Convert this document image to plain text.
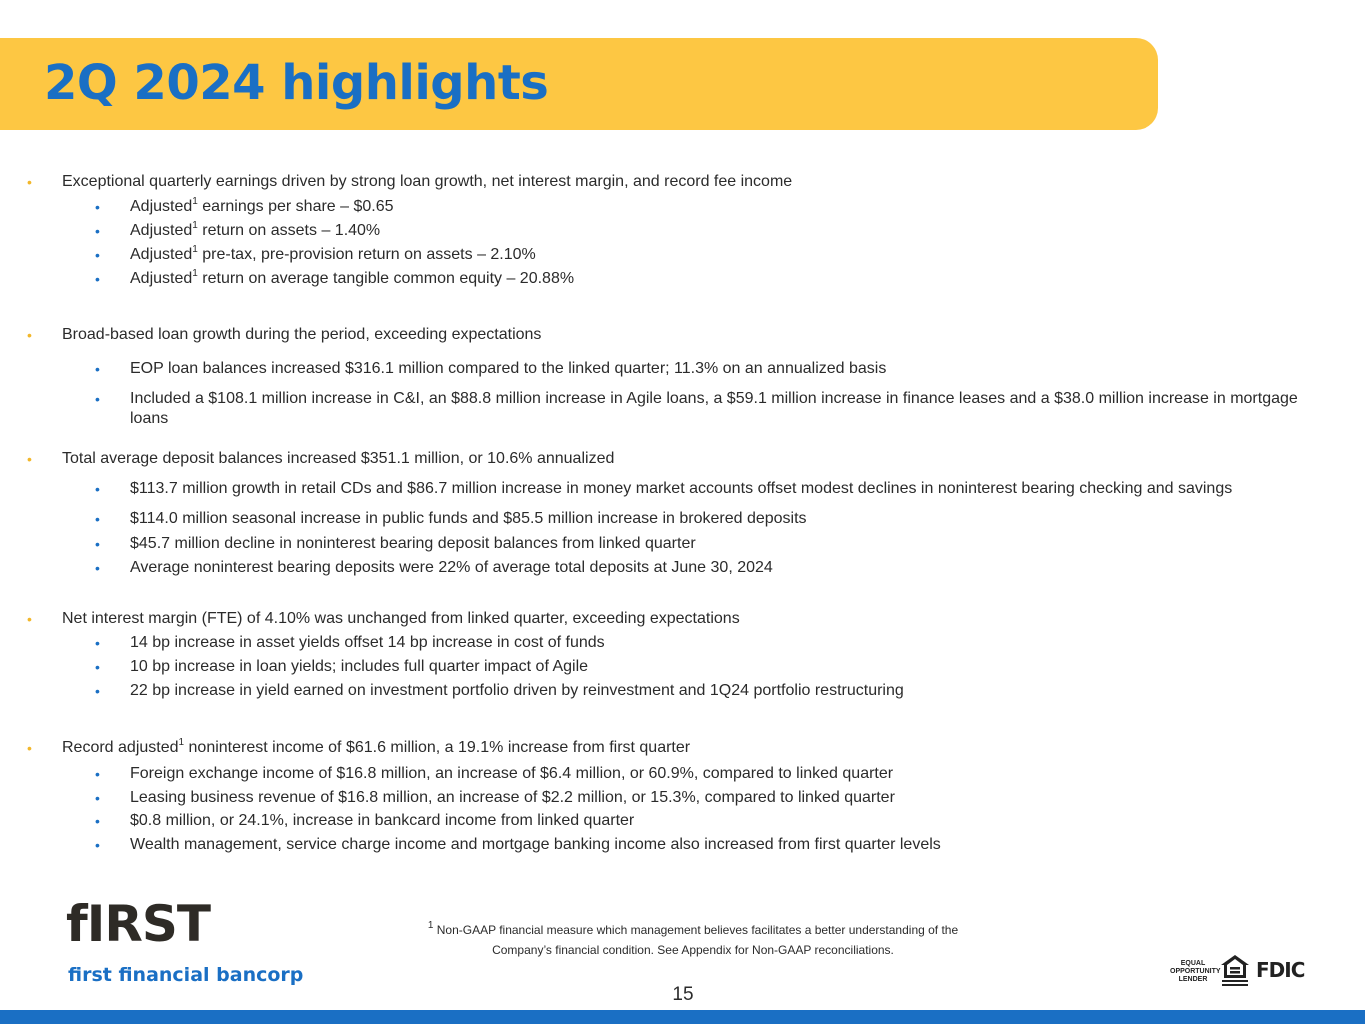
2Q 2024 highlights
• Exceptional quarterly earnings driven by strong loan growth, net interest margin, and record fee income
• Adjusted$^1$ earnings per share – $0.65
• Adjusted$^1$ return on assets – 1.40%
• Adjusted$^1$ pre-tax, pre-provision return on assets – 2.10%
• Adjusted$^1$ return on average tangible common equity – 20.88%
• Broad-based loan growth during the period, exceeding expectations
• EOP loan balances increased $316.1 million compared to the linked quarter; 11.3% on an annualized basis
• Included a $108.1 million increase in C&I, an $88.8 million increase in Agile loans, a $59.1 million increase in finance leases and a $38.0 million increase in mortgage loans
• Total average deposit balances increased $351.1 million, or 10.6% annualized
• $113.7 million growth in retail CDs and $86.7 million increase in money market accounts offset modest declines in noninterest bearing checking and savings
• $114.0 million seasonal increase in public funds and $85.5 million increase in brokered deposits
• $45.7 million decline in noninterest bearing deposit balances from linked quarter
• Average noninterest bearing deposits were 22% of average total deposits at June 30, 2024
• Net interest margin (FTE) of 4.10% was unchanged from linked quarter, exceeding expectations
• 14 bp increase in asset yields offset 14 bp increase in cost of funds
• 10 bp increase in loan yields; includes full quarter impact of Agile
• 22 bp increase in yield earned on investment portfolio driven by reinvestment and 1Q24 portfolio restructuring
• Record adjusted$^1$ noninterest income of $61.6 million, a 19.1% increase from first quarter
• Foreign exchange income of $16.8 million, an increase of $6.4 million, or 60.9%, compared to linked quarter
• Leasing business revenue of $16.8 million, an increase of $2.2 million, or 15.3%, compared to linked quarter
• $0.8 million, or 24.1%, increase in bankcard income from linked quarter
• Wealth management, service charge income and mortgage banking income also increased from first quarter levels
fIRST
first financial bancorp
$^1$ Non-GAAP financial measure which management believes facilitates a better understanding of the
Company’s financial condition. See Appendix for Non-GAAP reconciliations.
15
EQUAL
OPPORTUNITY
LENDER	FDIC
